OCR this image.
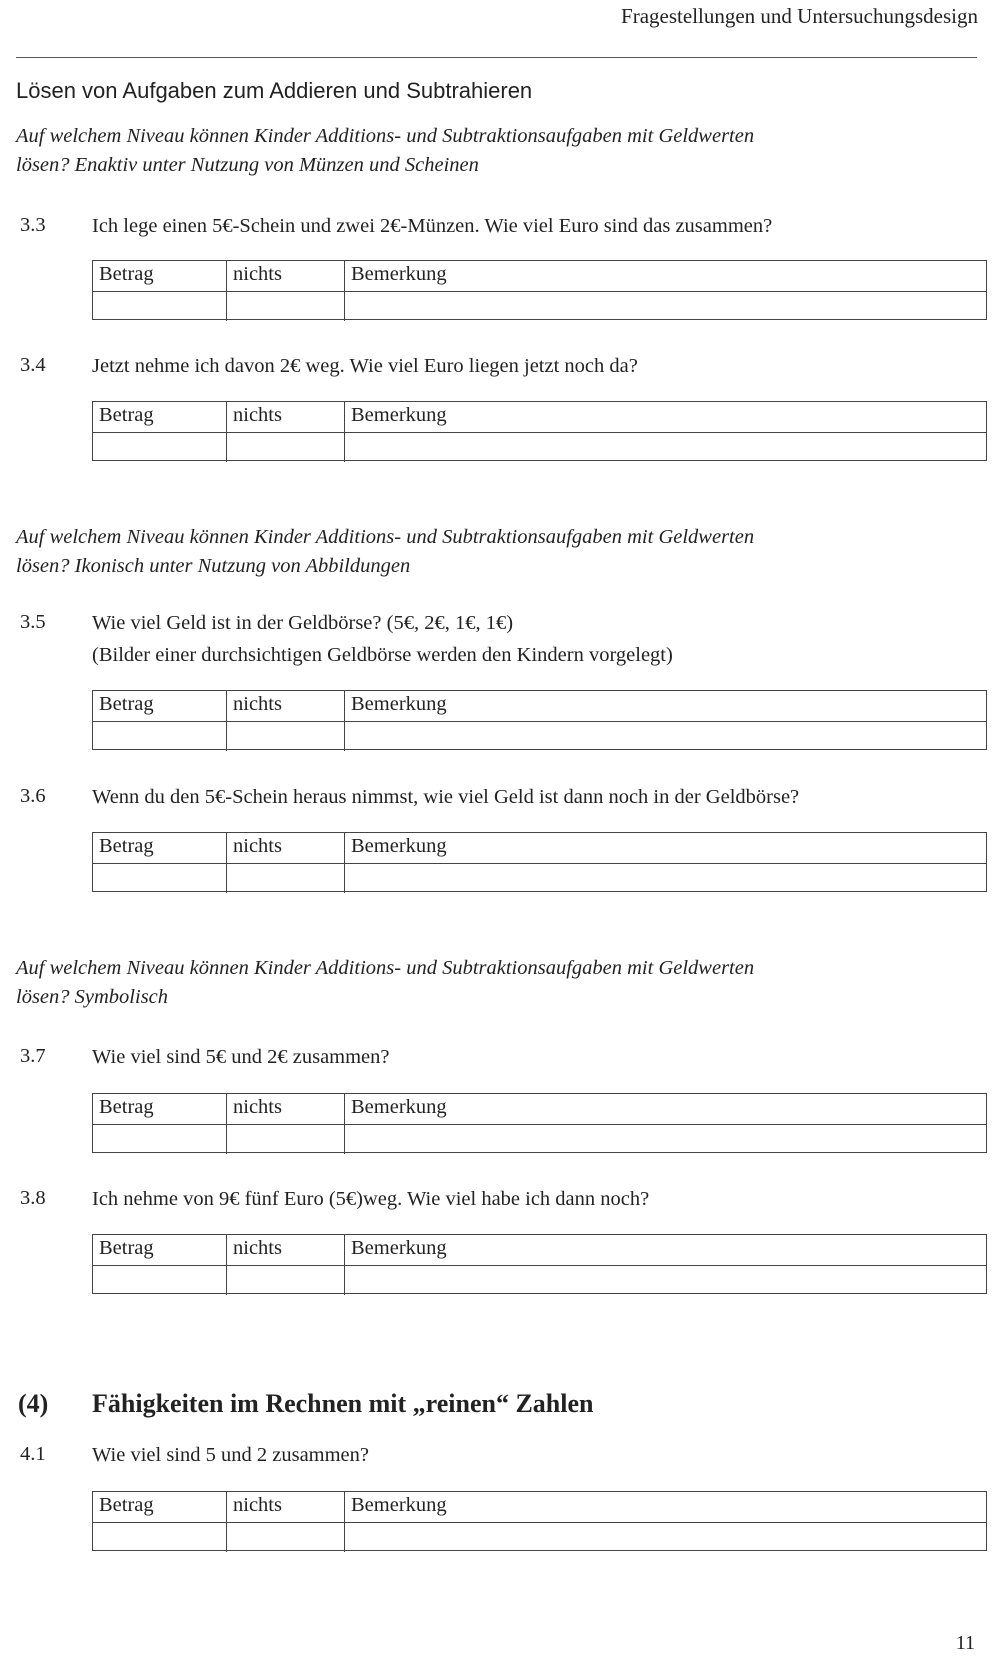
Fragestellungen und Untersuchungsdesign
Lösen von Aufgaben zum Addieren und Subtrahieren
Auf welchem Niveau können Kinder Additions- und Subtraktionsaufgaben mit Geldwerten
lösen? Enaktiv unter Nutzung von Münzen und Scheinen
Auf welchem Niveau können Kinder Additions- und Subtraktionsaufgaben mit Geldwerten
lösen? Ikonisch unter Nutzung von Abbildungen
Auf welchem Niveau können Kinder Additions- und Subtraktionsaufgaben mit Geldwerten
lösen? Symbolisch
3.3 Ich lege einen 5€-Schein und zwei 2€-Münzen. Wie viel Euro sind das zusammen?
Betrag	nichts	Bemerkung
3.4 Jetzt nehme ich davon 2€ weg. Wie viel Euro liegen jetzt noch da?
Betrag	nichts	Bemerkung
3.5 Wie viel Geld ist in der Geldbörse? (5€, 2€, 1€, 1€)
(Bilder einer durchsichtigen Geldbörse werden den Kindern vorgelegt)
Betrag	nichts	Bemerkung
3.6 Wenn du den 5€-Schein heraus nimmst, wie viel Geld ist dann noch in der Geldbörse?
Betrag	nichts	Bemerkung
3.7 Wie viel sind 5€ und 2€ zusammen?
Betrag	nichts	Bemerkung
3.8 Ich nehme von 9€ fünf Euro (5€)weg. Wie viel habe ich dann noch?
Betrag	nichts	Bemerkung
4.1 Wie viel sind 5 und 2 zusammen?
Betrag	nichts	Bemerkung
(4) Fähigkeiten im Rechnen mit „reinen“ Zahlen
11
